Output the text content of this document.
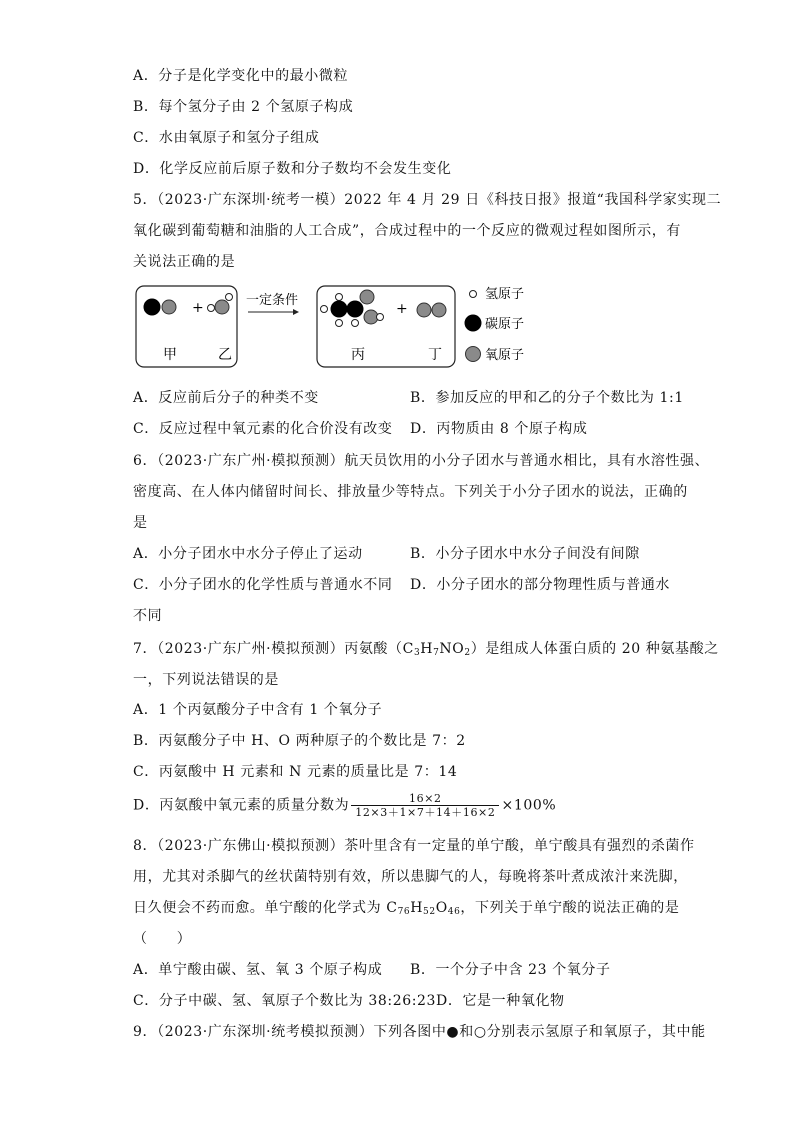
A．分子是化学变化中的最小微粒
B．每个氢分子由 2 个氢原子构成
C．水由氧原子和氢分子组成
D．化学反应前后原子数和分子数均不会发生变化
5．（2023·广东深圳·统考一模）2022 年 4 月 29 日《科技日报》报道“我国科学家实现二
氧化碳到葡萄糖和油脂的人工合成”，合成过程中的一个反应的微观过程如图所示，有
关说法正确的是
+
甲	乙
一定条件
+
丙	丁
氢原子
碳原子
氧原子
A．反应前后分子的种类不变	B．参加反应的甲和乙的分子个数比为 1:1
C．反应过程中氧元素的化合价没有改变 D．丙物质由 8 个原子构成
6．（2023·广东广州·模拟预测）航天员饮用的小分子团水与普通水相比，具有水溶性强、
密度高、在人体内储留时间长、排放量少等特点。下列关于小分子团水的说法，正确的
是
A．小分子团水中水分子停止了运动	B．小分子团水中水分子间没有间隙
C．小分子团水的化学性质与普通水不同 D．小分子团水的部分物理性质与普通水
不同
7．（2023·广东广州·模拟预测）丙氨酸$(C_3H_7NO_2)$是组成人体蛋白质的 20 种氨基酸之
一，下列说法错误的是
A．1 个丙氨酸分子中含有 1 个氧分子
B．丙氨酸分子中 H、O 两种原子的个数比是 7：2
C．丙氨酸中 H 元素和 N 元素的质量比是 7：14
D．丙氨酸中氧元素的质量分数为 $\frac{16\times 2}{12\times 3+1\times 7+14+16\times 2} \times 100\%$
8．（2023·广东佛山·模拟预测）茶叶里含有一定量的单宁酸，单宁酸具有强烈的杀菌作
用，尤其对杀脚气的丝状菌特别有效，所以患脚气的人，每晚将茶叶煮成浓汁来洗脚，
日久便会不药而愈。单宁酸的化学式为 $C_{76}H_{52}O_{46}$，下列关于单宁酸的说法正确的是
（　　）
A．单宁酸由碳、氢、氧 3 个原子构成 B．一个分子中含 23 个氧分子
C．分子中碳、氢、氧原子个数比为 38:26:23D．它是一种氧化物
9．（2023·广东深圳·统考模拟预测）下列各图中●和○分别表示氢原子和氧原子，其中能
